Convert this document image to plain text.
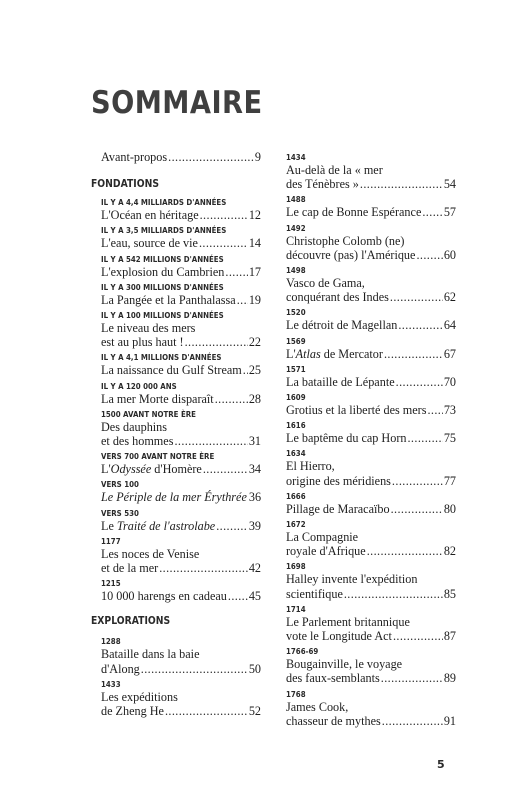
SOMMAIRE
Avant-propos .....	9
FONDATIONS
IL Y A 4,4 MILLIARDS D'ANNÉES
L'Océan en héritage .....	12
IL Y A 3,5 MILLIARDS D'ANNÉES
L'eau, source de vie .....	14
IL Y A 542 MILLIONS D'ANNÉES
L'explosion du Cambrien ..... 17
IL Y A 300 MILLIONS D'ANNÉES
La Pangée et la Panthalassa ..... 19
IL Y A 100 MILLIONS D'ANNÉES
Le niveau des mers
est au plus haut ! .....	22
IL Y A 4,1 MILLIONS D'ANNÉES
La naissance du Gulf Stream ..... 25
IL Y A 120 000 ANS
La mer Morte disparaît .....	28
1500 AVANT NOTRE ÈRE
Des dauphins
et des hommes .....	31
VERS 700 AVANT NOTRE ÈRE
L'Odyssée d'Homère .....	34
VERS 100
Le Périple de la mer Érythrée 36
VERS 530
Le Traité de l'astrolabe .....	39
1177
Les noces de Venise
et de la mer .....	42
1215
10 000 harengs en cadeau ..... 45
EXPLORATIONS
1288
Bataille dans la baie
d'Along .....	50
1433
Les expéditions
de Zheng He .....	52
1434
Au-delà de la « mer
des Ténèbres » .....	54
1488
Le cap de Bonne Espérance ..... 57
1492
Christophe Colomb (ne)
découvre (pas) l'Amérique ..... 60
1498
Vasco de Gama,
conquérant des Indes .....	62
1520
Le détroit de Magellan .....	64
1569
L'Atlas de Mercator .....	67
1571
La bataille de Lépante .....	70
1609
Grotius et la liberté des mers ..... 73
1616
Le baptême du cap Horn .....	75
1634
El Hierro,
origine des méridiens .....	77
1666
Pillage de Maracaïbo .....	80
1672
La Compagnie
royale d'Afrique .....	82
1698
Halley invente l'expédition
scientifique .....	85
1714
Le Parlement britannique
vote le Longitude Act .....	87
1766-69
Bougainville, le voyage
des faux-semblants .....	89
1768
James Cook,
chasseur de mythes .....	91
5
